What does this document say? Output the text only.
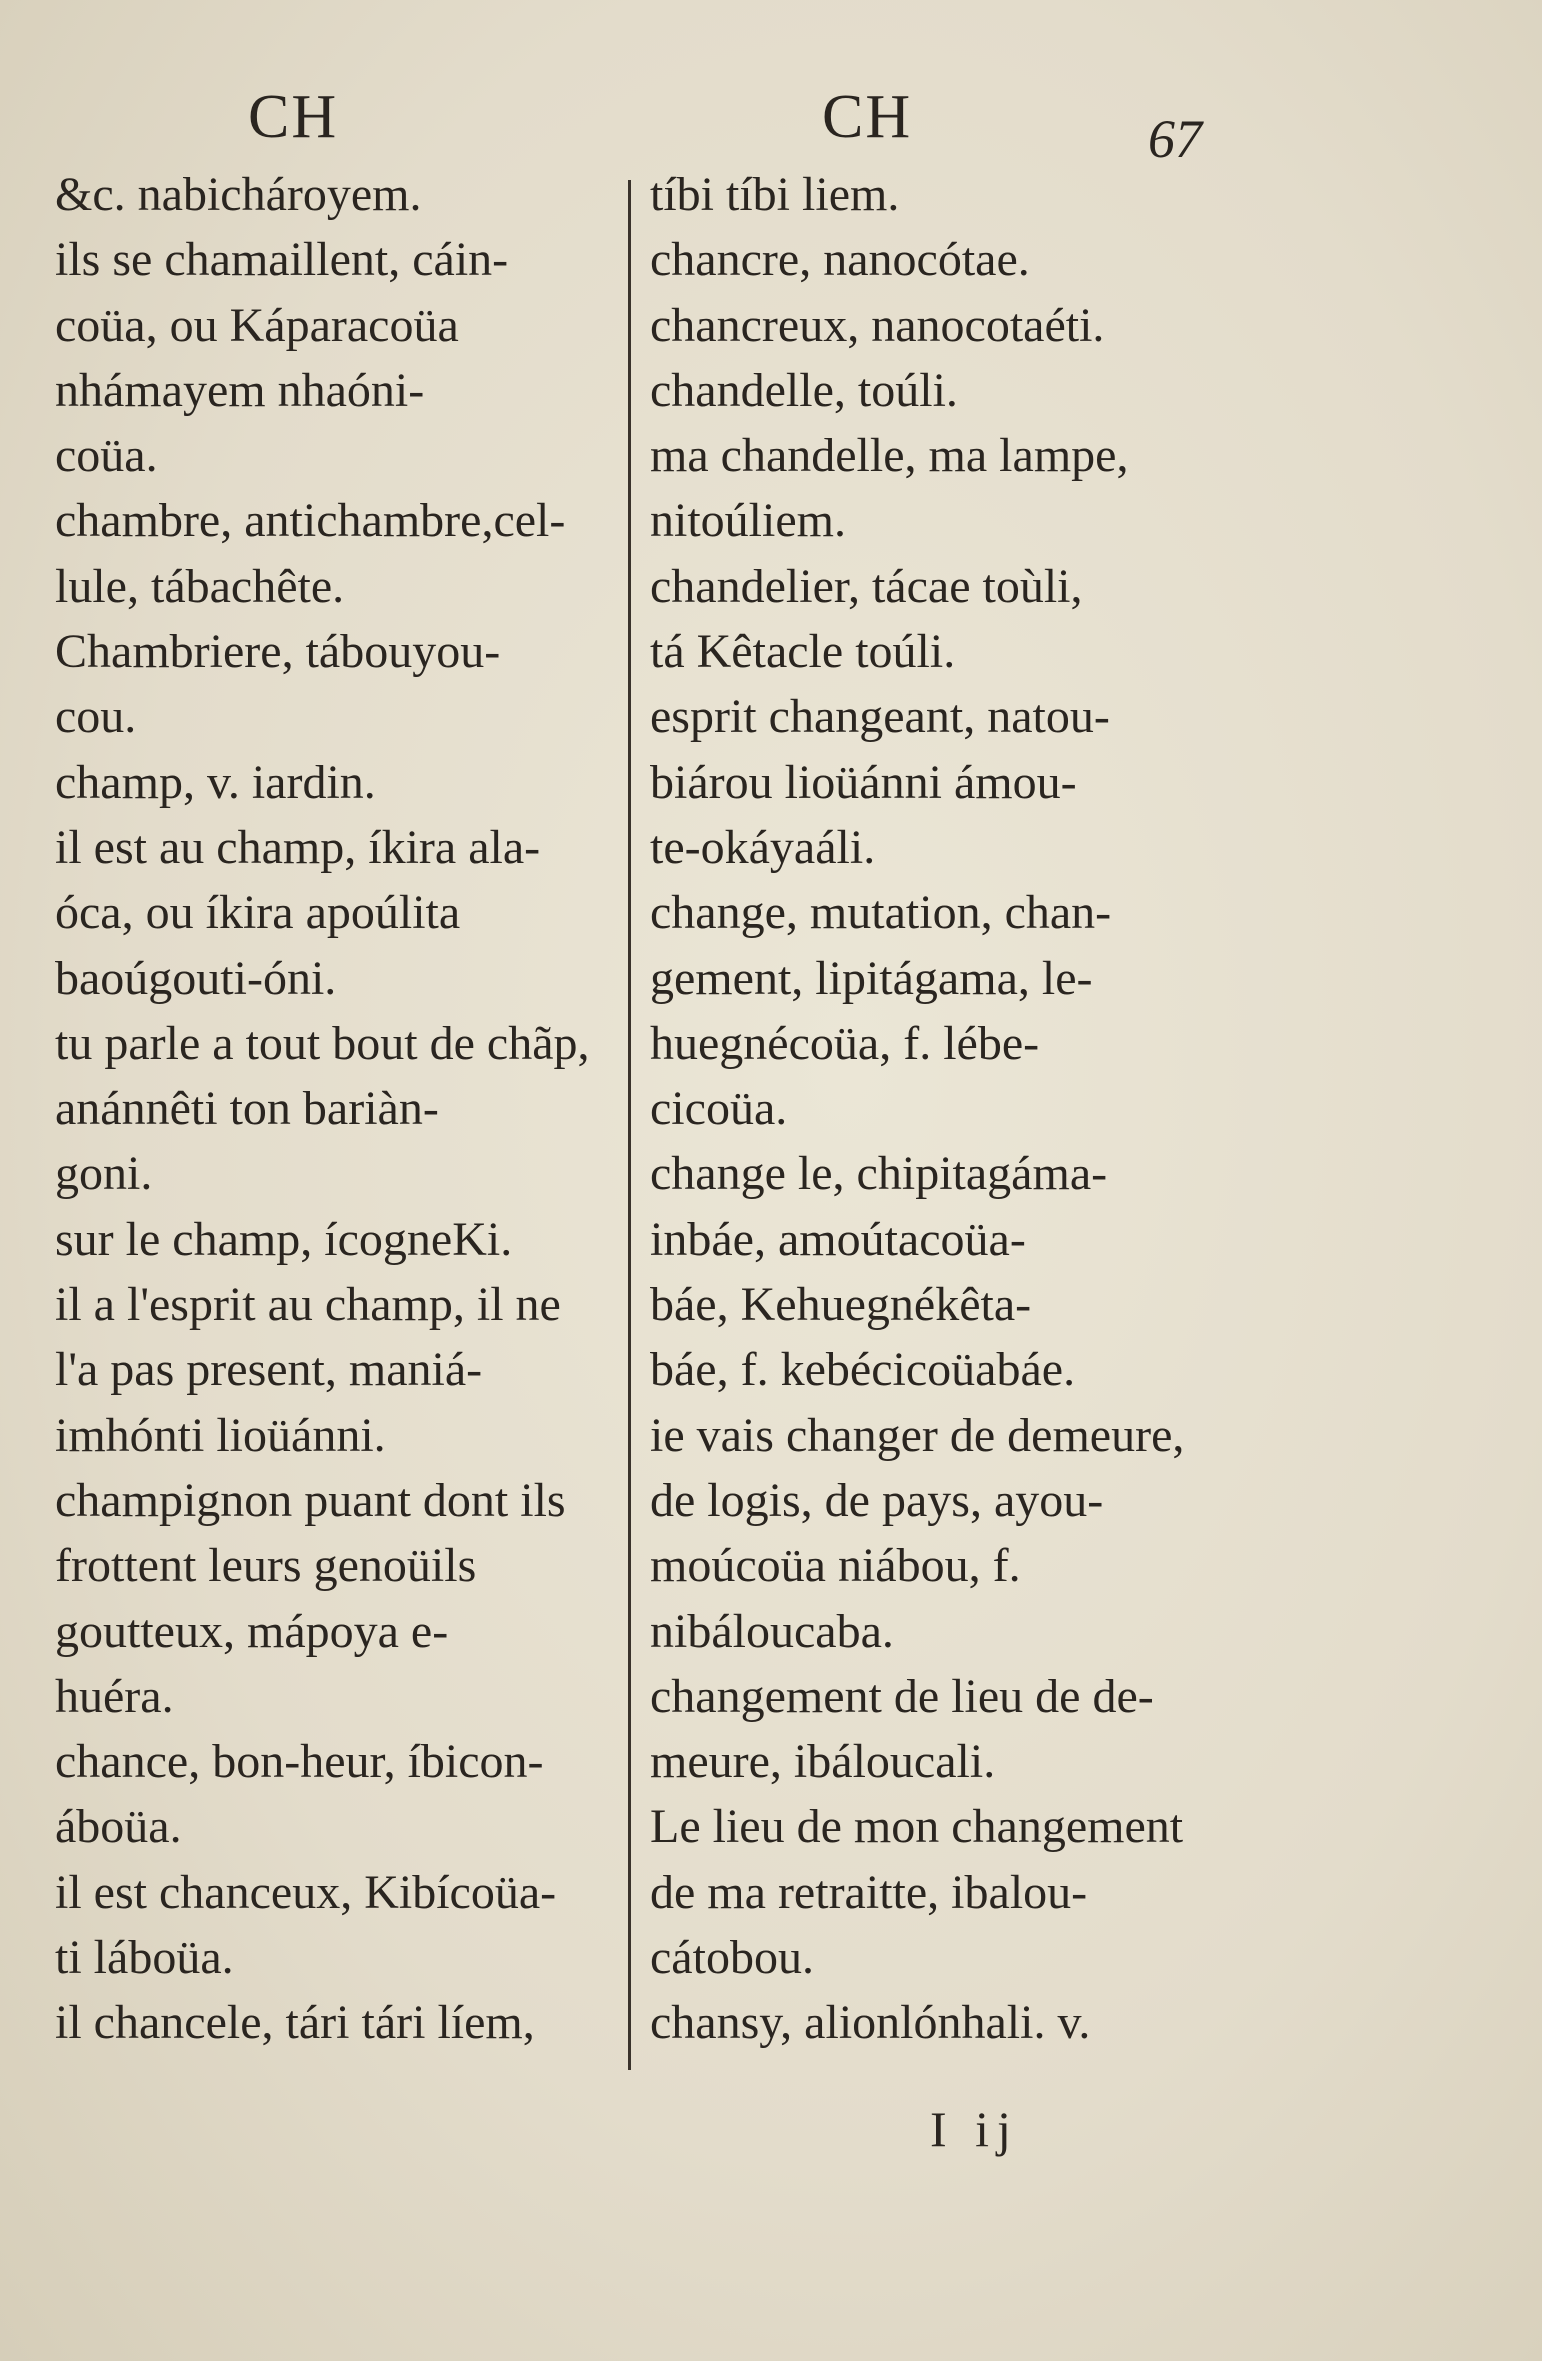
CH	CH	67
&c. nabichároyem.
ils se chamaillent, cáin-
coüa, ou Káparacoüa
nhámayem nhaóni-
coüa.
chambre, antichambre,cel-
lule, tábachête.
Chambriere, tábouyou-
cou.
champ, v. iardin.
il est au champ, íkira ala-
óca, ou íkira apoúlita
baoúgouti-óni.
tu parle a tout bout de chãp,
anánnêti ton bariàn-
goni.
sur le champ, ícogneKi.
il a l'esprit au champ, il ne
l'a pas present, maniá-
imhónti lioüánni.
champignon puant dont ils
frottent leurs genoüils
goutteux, mápoya e-
huéra.
chance, bon-heur, íbicon-
áboüa.
il est chanceux, Kibícoüa-
ti láboüa.
il chancele, tári tári líem,
tíbi tíbi liem.
chancre, nanocótae.
chancreux, nanocotaéti.
chandelle, toúli.
ma chandelle, ma lampe,
nitoúliem.
chandelier, tácae toùli,
tá Kêtacle toúli.
esprit changeant, natou-
biárou lioüánni ámou-
te-okáyaáli.
change, mutation, chan-
gement, lipitágama, le-
huegnécoüa, f. lébe-
cicoüa.
change le, chipitagáma-
inbáe, amoútacoüa-
báe, Kehuegnékêta-
báe, f. kebécicoüabáe.
ie vais changer de demeure,
de logis, de pays, ayou-
moúcoüa niábou, f.
nibáloucaba.
changement de lieu de de-
meure, ibáloucali.
Le lieu de mon changement
de ma retraitte, ibalou-
cátobou.
chansy, alionlónhali. v.
I ij
